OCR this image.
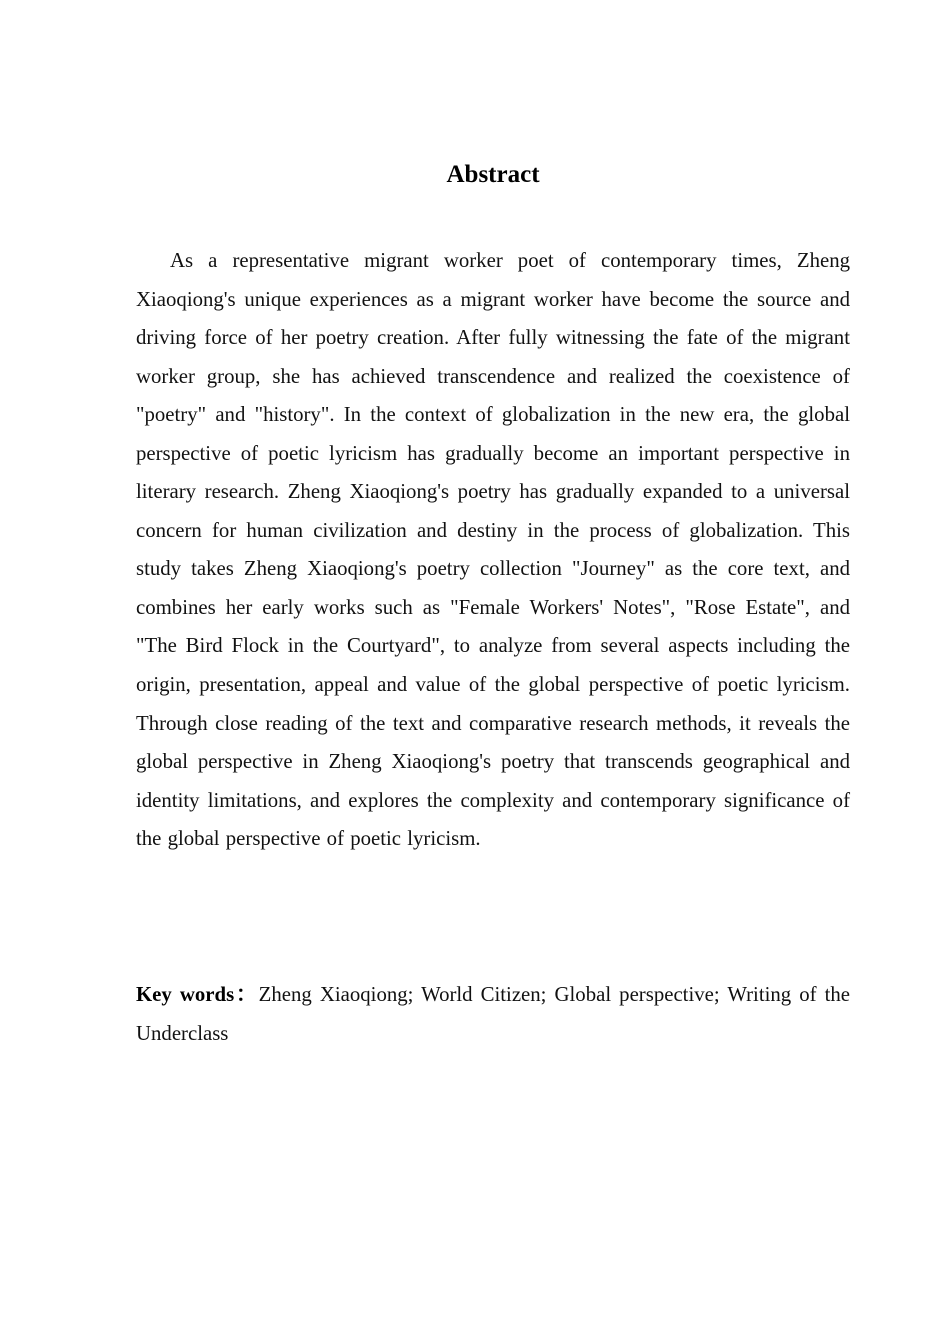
Abstract

As a representative migrant worker poet of contemporary times, Zheng Xiaoqiong's unique experiences as a migrant worker have become the source and driving force of her poetry creation. After fully witnessing the fate of the migrant worker group, she has achieved transcendence and realized the coexistence of "poetry" and "history". In the context of globalization in the new era, the global perspective of poetic lyricism has gradually become an important perspective in literary research. Zheng Xiaoqiong's poetry has gradually expanded to a universal concern for human civilization and destiny in the process of globalization. This study takes Zheng Xiaoqiong's poetry collection "Journey" as the core text, and combines her early works such as "Female Workers' Notes", "Rose Estate", and "The Bird Flock in the Courtyard", to analyze from several aspects including the origin, presentation, appeal and value of the global perspective of poetic lyricism. Through close reading of the text and comparative research methods, it reveals the global perspective in Zheng Xiaoqiong's poetry that transcends geographical and identity limitations, and explores the complexity and contemporary significance of the global perspective of poetic lyricism.

Key words：Zheng Xiaoqiong; World Citizen; Global perspective; Writing of the Underclass
